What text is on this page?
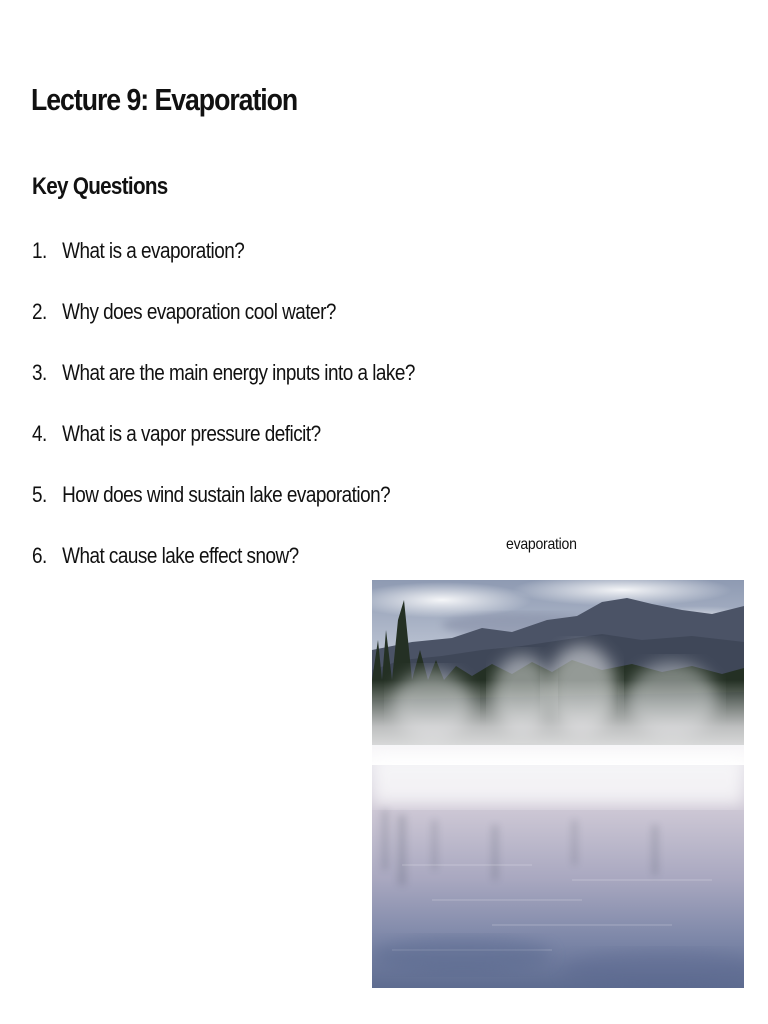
Lecture 9: Evaporation
Key Questions
1. What is a evaporation?
2. Why does evaporation cool water?
3. What are the main energy inputs into a lake?
4. What is a vapor pressure deficit?
5. How does wind sustain lake evaporation?
6. What cause lake effect snow?	evaporation
